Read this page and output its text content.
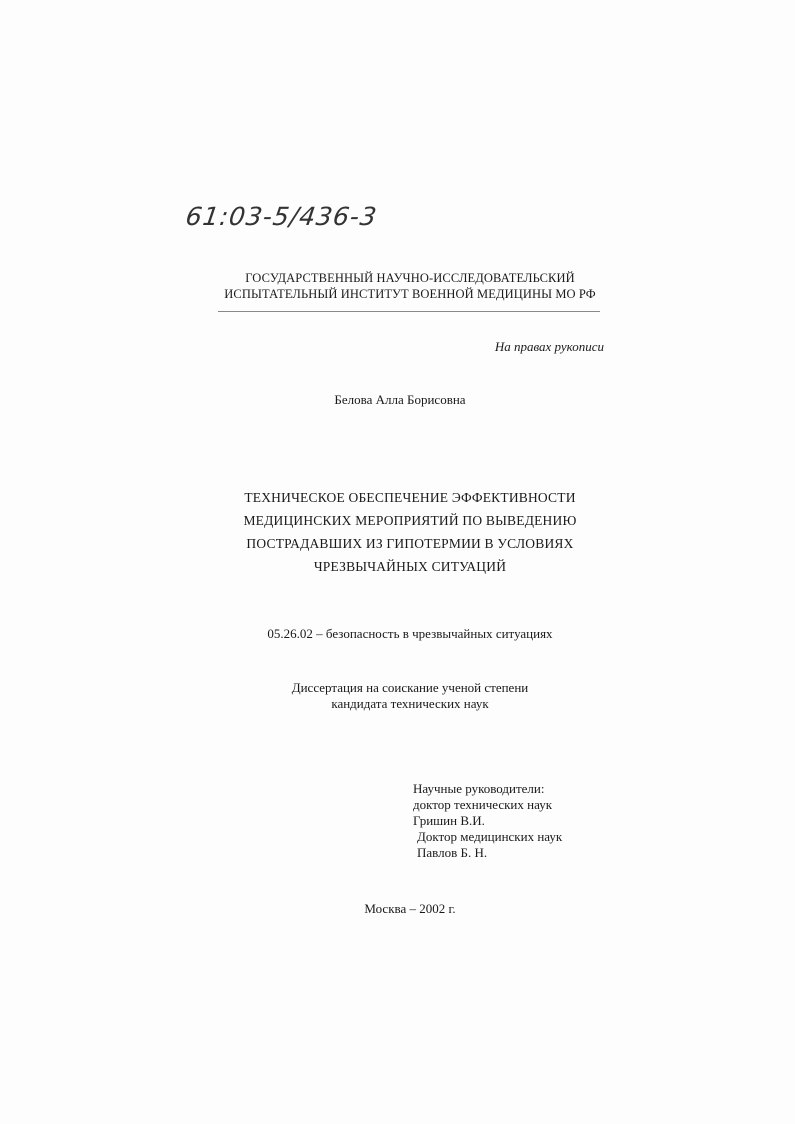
61:03-5/436-3
ГОСУДАРСТВЕННЫЙ НАУЧНО-ИССЛЕДОВАТЕЛЬСКИЙ
ИСПЫТАТЕЛЬНЫЙ ИНСТИТУТ ВОЕННОЙ МЕДИЦИНЫ МО РФ
На правах рукописи
Белова Алла Борисовна
ТЕХНИЧЕСКОЕ ОБЕСПЕЧЕНИЕ ЭФФЕКТИВНОСТИ
МЕДИЦИНСКИХ МЕРОПРИЯТИЙ ПО ВЫВЕДЕНИЮ
ПОСТРАДАВШИХ ИЗ ГИПОТЕРМИИ В УСЛОВИЯХ
ЧРЕЗВЫЧАЙНЫХ СИТУАЦИЙ
05.26.02 – безопасность в чрезвычайных ситуациях
Диссертация на соискание ученой степени
кандидата технических наук
Научные руководители:
доктор технических наук
Гришин В.И.
Доктор медицинских наук
Павлов Б. Н.
Москва – 2002 г.
